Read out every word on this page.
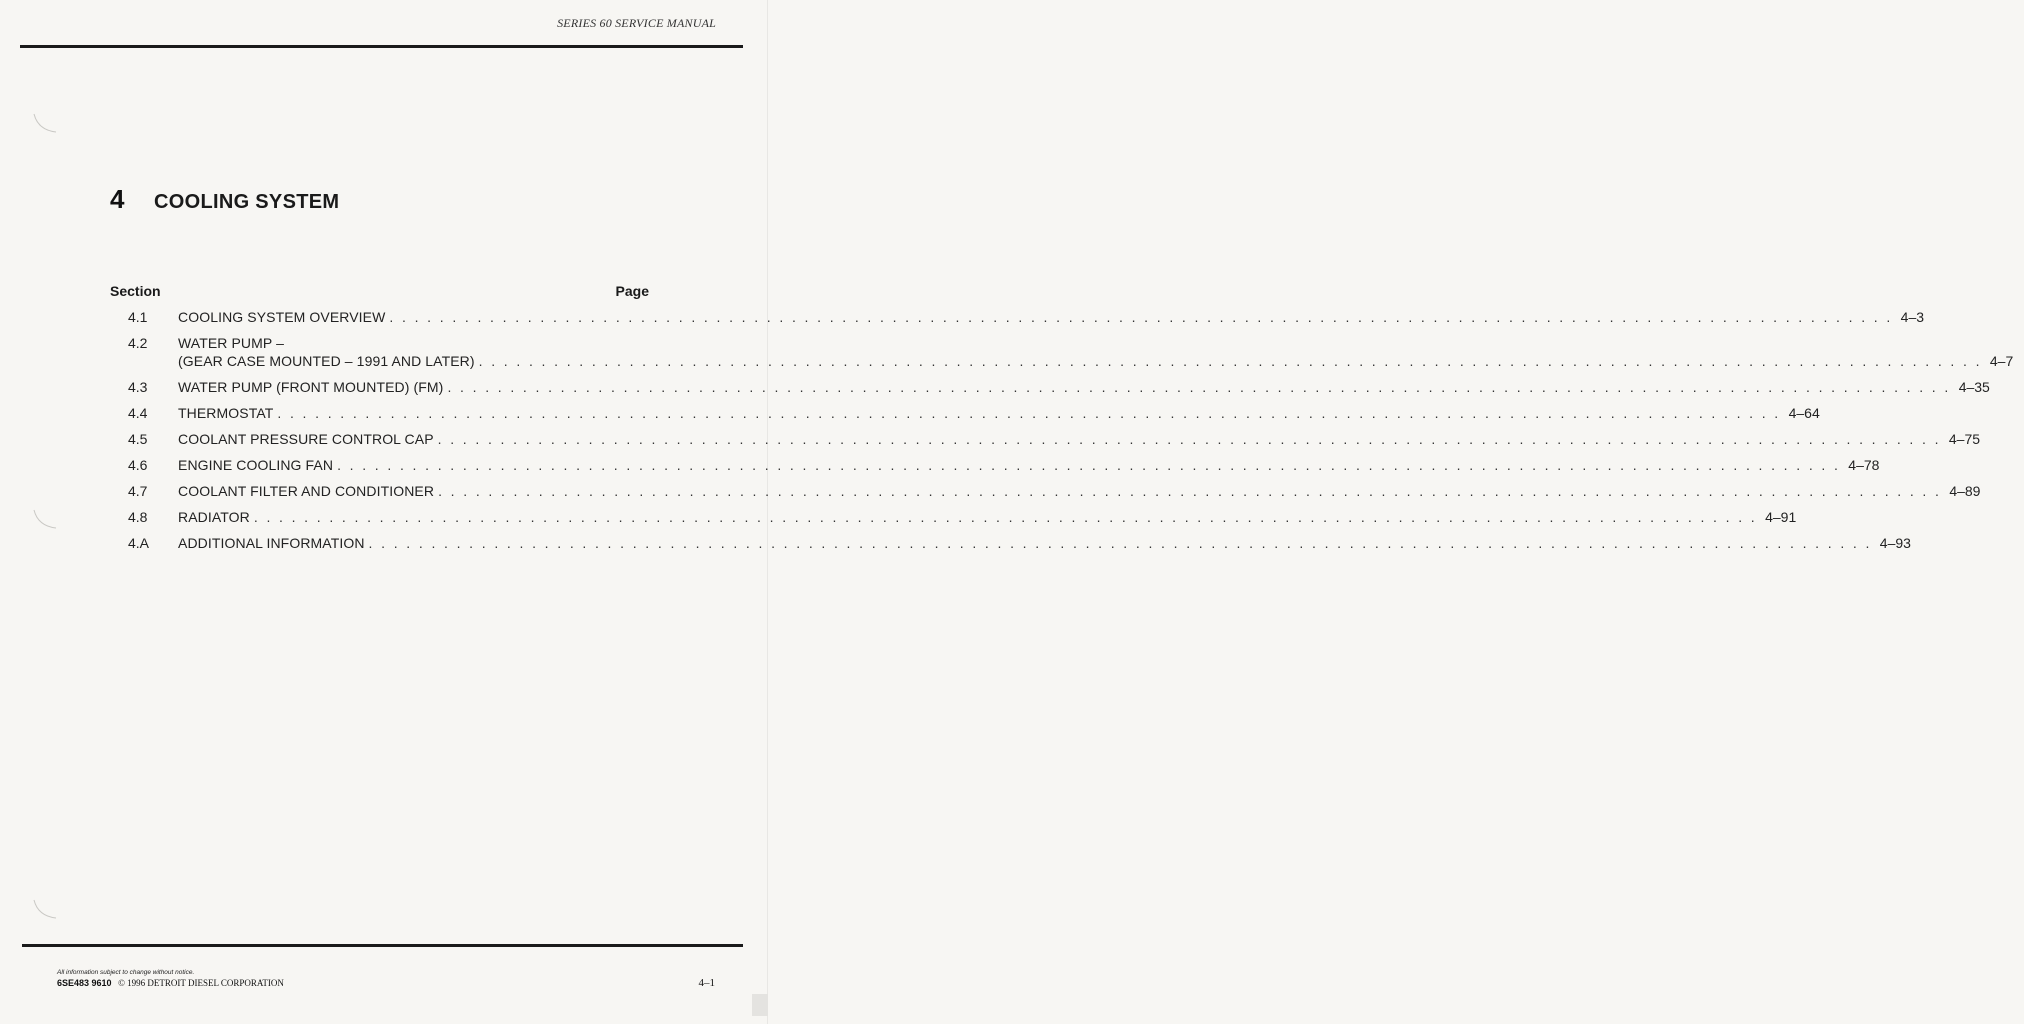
SERIES 60 SERVICE MANUAL
4	COOLING SYSTEM
Section	Page
4.1	COOLING SYSTEM OVERVIEW . . . . . . . . . . . . . . . . . . . . . . . . . . . . . . . . . . . . . . . . . . . . . . . . . . . . . . . . . . . . . . . . . . . . . . . . . . . . . . . . . . . . . . . . . . . . . . . . . . . . . . . . . . . . . . . . . . . . . . . . 4–3
4.2	WATER PUMP –
(GEAR CASE MOUNTED – 1991 AND LATER) . . . . . . . . . . . . . . . . . . . . . . . . . . . . . . . . . . . . . . . . . . . . . . . . . . . . . . . . . . . . . . . . . . . . . . . . . . . . . . . . . . . . . . . . . . . . . . . . . . . . . . . . . . . . . . . . . . . . . . . . 4–7
4.3	WATER PUMP (FRONT MOUNTED) (FM) . . . . . . . . . . . . . . . . . . . . . . . . . . . . . . . . . . . . . . . . . . . . . . . . . . . . . . . . . . . . . . . . . . . . . . . . . . . . . . . . . . . . . . . . . . . . . . . . . . . . . . . . . . . . . . . . . . . . . . . . 4–35
4.4	THERMOSTAT . . . . . . . . . . . . . . . . . . . . . . . . . . . . . . . . . . . . . . . . . . . . . . . . . . . . . . . . . . . . . . . . . . . . . . . . . . . . . . . . . . . . . . . . . . . . . . . . . . . . . . . . . . . . . . . . . . . . . . . . 4–64
4.5	COOLANT PRESSURE CONTROL CAP . . . . . . . . . . . . . . . . . . . . . . . . . . . . . . . . . . . . . . . . . . . . . . . . . . . . . . . . . . . . . . . . . . . . . . . . . . . . . . . . . . . . . . . . . . . . . . . . . . . . . . . . . . . . . . . . . . . . . . . . 4–75
4.6	ENGINE COOLING FAN . . . . . . . . . . . . . . . . . . . . . . . . . . . . . . . . . . . . . . . . . . . . . . . . . . . . . . . . . . . . . . . . . . . . . . . . . . . . . . . . . . . . . . . . . . . . . . . . . . . . . . . . . . . . . . . . . . . . . . . . 4–78
4.7	COOLANT FILTER AND CONDITIONER . . . . . . . . . . . . . . . . . . . . . . . . . . . . . . . . . . . . . . . . . . . . . . . . . . . . . . . . . . . . . . . . . . . . . . . . . . . . . . . . . . . . . . . . . . . . . . . . . . . . . . . . . . . . . . . . . . . . . . . . 4–89
4.8	RADIATOR . . . . . . . . . . . . . . . . . . . . . . . . . . . . . . . . . . . . . . . . . . . . . . . . . . . . . . . . . . . . . . . . . . . . . . . . . . . . . . . . . . . . . . . . . . . . . . . . . . . . . . . . . . . . . . . . . . . . . . . . 4–91
4.A	ADDITIONAL INFORMATION . . . . . . . . . . . . . . . . . . . . . . . . . . . . . . . . . . . . . . . . . . . . . . . . . . . . . . . . . . . . . . . . . . . . . . . . . . . . . . . . . . . . . . . . . . . . . . . . . . . . . . . . . . . . . . . . . . . . . . . . 4–93
All information subject to change without notice.
6SE483 9610 © 1996 DETROIT DIESEL CORPORATION	4–1
